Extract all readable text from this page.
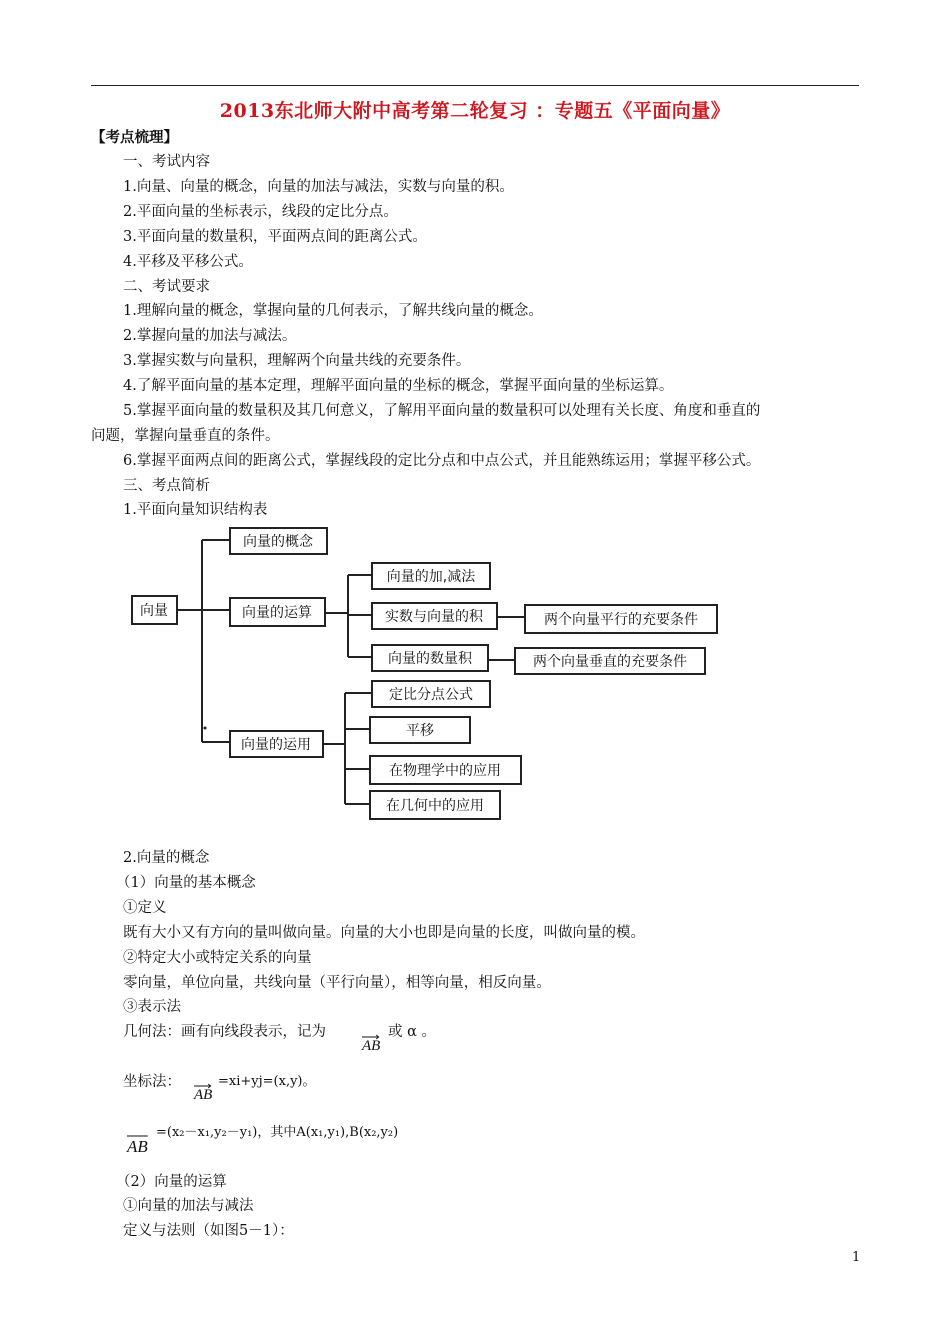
2013东北师大附中高考第二轮复习 ：专题五《平面向量》
【考点梳理】
一、考试内容
1.向量、向量的概念，向量的加法与减法，实数与向量的积。
2.平面向量的坐标表示，线段的定比分点。
3.平面向量的数量积，平面两点间的距离公式。
4.平移及平移公式。
二、考试要求
1.理解向量的概念，掌握向量的几何表示，了解共线向量的概念。
2.掌握向量的加法与减法。
3.掌握实数与向量积，理解两个向量共线的充要条件。
4.了解平面向量的基本定理，理解平面向量的坐标的概念，掌握平面向量的坐标运算。
5.掌握平面向量的数量积及其几何意义，了解用平面向量的数量积可以处理有关长度、角度和垂直的
问题，掌握向量垂直的条件。
6.掌握平面两点间的距离公式，掌握线段的定比分点和中点公式，并且能熟练运用；掌握平移公式。
三、考点简析
1.平面向量知识结构表
向量
向量的概念
向量的运算
向量的运用
向量的加,减法
实数与向量的积
向量的数量积
两个向量平行的充要条件
两个向量垂直的充要条件
定比分点公式
平移
在物理学中的应用
在几何中的应用
2.向量的概念
（1）向量的基本概念
①定义
既有大小又有方向的量叫做向量。向量的大小也即是向量的长度，叫做向量的模。
②特定大小或特定关系的向量
零向量，单位向量，共线向量（平行向量），相等向量，相反向量。
③表示法
几何法：画有向线段表示，记为
AB
或 α 。
坐标法：
AB
=xi+yj=(x,y)。
AB
=(x₂－x₁,y₂－y₁)，其中A(x₁,y₁),B(x₂,y₂)
（2）向量的运算
①向量的加法与减法
定义与法则（如图5－1）：
1
